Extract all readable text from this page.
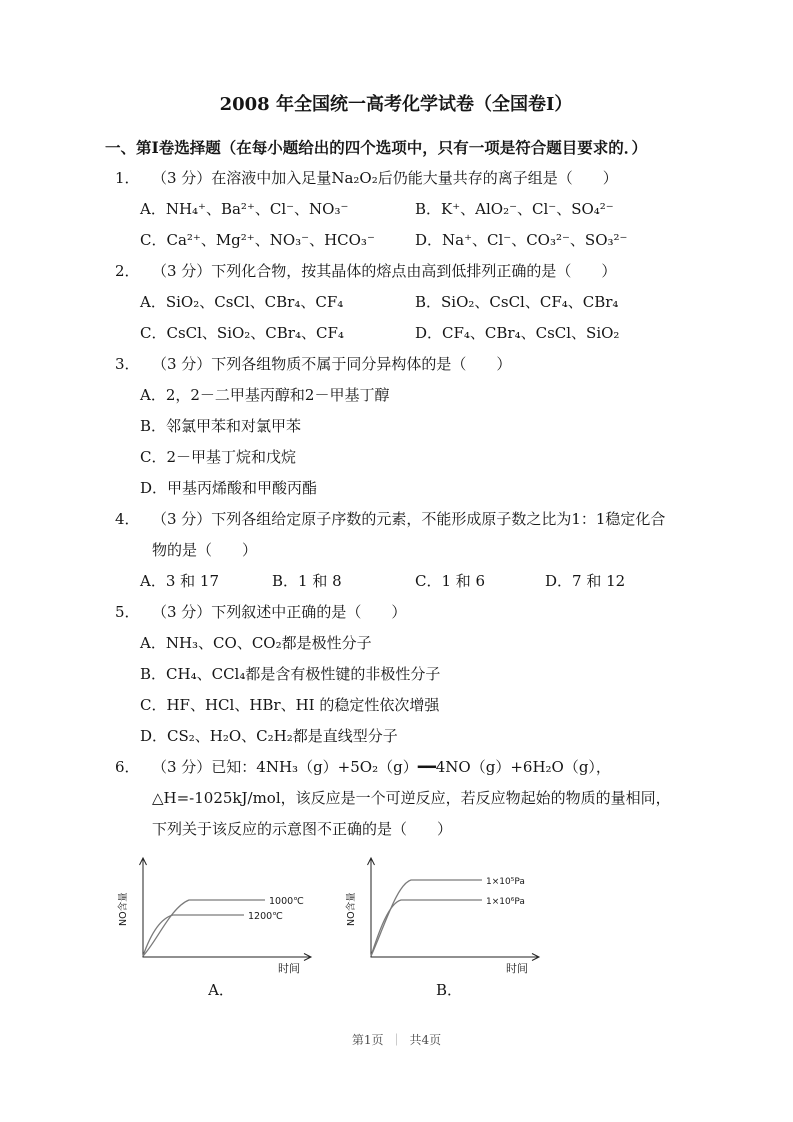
2008 年全国统一高考化学试卷（全国卷I）
一、第I卷选择题（在每小题给出的四个选项中，只有一项是符合题目要求的．）
1． （3 分）在溶液中加入足量Na₂O₂后仍能大量共存的离子组是（　　）
A．NH₄⁺、Ba²⁺、Cl⁻、NO₃⁻	B．K⁺、AlO₂⁻、Cl⁻、SO₄²⁻
C．Ca²⁺、Mg²⁺、NO₃⁻、HCO₃⁻	D．Na⁺、Cl⁻、CO₃²⁻、SO₃²⁻
2． （3 分）下列化合物，按其晶体的熔点由高到低排列正确的是（　　）
A．SiO₂、CsCl、CBr₄、CF₄	B．SiO₂、CsCl、CF₄、CBr₄
C．CsCl、SiO₂、CBr₄、CF₄	D．CF₄、CBr₄、CsCl、SiO₂
3． （3 分）下列各组物质不属于同分异构体的是（　　）
A．2，2－二甲基丙醇和2－甲基丁醇
B．邻氯甲苯和对氯甲苯
C．2－甲基丁烷和戊烷
D．甲基丙烯酸和甲酸丙酯
4． （3 分）下列各组给定原子序数的元素，不能形成原子数之比为1：1稳定化合物的是（　　）
A．3 和 17	B．1 和 8	C．1 和 6	D．7 和 12
5． （3 分）下列叙述中正确的是（　　）
A．NH₃、CO、CO₂都是极性分子
B．CH₄、CCl₄都是含有极性键的非极性分子
C．HF、HCl、HBr、HI 的稳定性依次增强
D．CS₂、H₂O、C₂H₂都是直线型分子
6． （3 分）已知：4NH₃（g）+5O₂（g）━━4NO（g）+6H₂O（g），△H=-1025kJ/mol，该反应是一个可逆反应，若反应物起始的物质的量相同，下列关于该反应的示意图不正确的是（　　）
NO含量	1000℃
1200℃
时间
A．
NO含量
1×10⁵Pa
1×10⁶Pa
时间
B．
第1页 ｜ 共4页
